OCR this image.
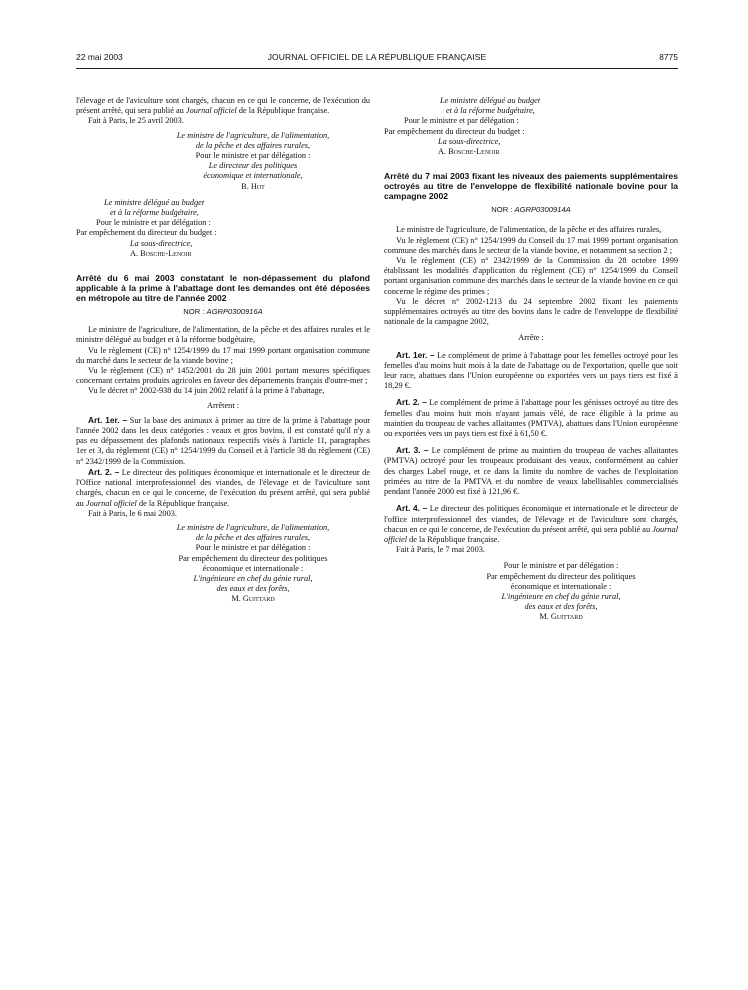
22 mai 2003	JOURNAL OFFICIEL DE LA RÉPUBLIQUE FRANÇAISE	8775

l'élevage et de l'aviculture sont chargés, chacun en ce qui le concerne, de l'exécution du présent arrêté, qui sera publié au Journal officiel de la République française.

Fait à Paris, le 25 avril 2003.

Le ministre de l'agriculture, de l'alimentation,
de la pêche et des affaires rurales,
Pour le ministre et par délégation :
Le directeur des politiques
économique et internationale,
B. Hot
Le ministre délégué au budget
et à la réforme budgétaire,
Pour le ministre et par délégation :
Par empêchement du directeur du budget :
La sous-directrice,
A. Bosche-Lenoir

Arrêté du 6 mai 2003 constatant le non-dépassement du plafond applicable à la prime à l'abattage dont les demandes ont été déposées en métropole au titre de l'année 2002

NOR : AGRP0300916A

Le ministre de l'agriculture, de l'alimentation, de la pêche et des affaires rurales et le ministre délégué au budget et à la réforme budgétaire,

Vu le règlement (CE) n° 1254/1999 du 17 mai 1999 portant organisation commune du marché dans le secteur de la viande bovine ;

Vu le règlement (CE) n° 1452/2001 du 28 juin 2001 portant mesures spécifiques concernant certains produits agricoles en faveur des départements français d'outre-mer ;

Vu le décret n° 2002-938 du 14 juin 2002 relatif à la prime à l'abattage,

Arrêtent :

Art. 1er. – Sur la base des animaux à primer au titre de la prime à l'abattage pour l'année 2002 dans les deux catégories : veaux et gros bovins, il est constaté qu'il n'y a pas eu dépassement des plafonds nationaux respectifs visés à l'article 11, paragraphes 1er et 3, du règlement (CE) n° 1254/1999 du Conseil et à l'article 38 du règlement (CE) n° 2342/1999 de la Commission.

Art. 2. – Le directeur des politiques économique et internationale et le directeur de l'Office national interprofessionnel des viandes, de l'élevage et de l'aviculture sont chargés, chacun en ce qui le concerne, de l'exécution du présent arrêté, qui sera publié au Journal officiel de la République française.

Fait à Paris, le 6 mai 2003.

Le ministre de l'agriculture, de l'alimentation,
de la pêche et des affaires rurales,
Pour le ministre et par délégation :
Par empêchement du directeur des politiques
économique et internationale :
L'ingénieure en chef du génie rural,
des eaux et des forêts,
M. Guittard
Le ministre délégué au budget
et à la réforme budgétaire,
Pour le ministre et par délégation :
Par empêchement du directeur du budget :
La sous-directrice,
A. Bosche-Lenoir

Arrêté du 7 mai 2003 fixant les niveaux des paiements supplémentaires octroyés au titre de l'enveloppe de flexibilité nationale bovine pour la campagne 2002

NOR : AGRP0300914A

Le ministre de l'agriculture, de l'alimentation, de la pêche et des affaires rurales,

Vu le règlement (CE) n° 1254/1999 du Conseil du 17 mai 1999 portant organisation commune des marchés dans le secteur de la viande bovine, et notamment sa section 2 ;

Vu le règlement (CE) n° 2342/1999 de la Commission du 28 octobre 1999 établissant les modalités d'application du règlement (CE) n° 1254/1999 du Conseil portant organisation commune des marchés dans le secteur de la viande bovine en ce qui concerne le régime des primes ;

Vu le décret n° 2002-1213 du 24 septembre 2002 fixant les paiements supplémentaires octroyés au titre des bovins dans le cadre de l'enveloppe de flexibilité nationale de la campagne 2002,

Arrête :

Art. 1er. – Le complément de prime à l'abattage pour les femelles octroyé pour les femelles d'au moins huit mois à la date de l'abattage ou de l'exportation, quelle que soit leur race, abattues dans l'Union européenne ou exportées vers un pays tiers est fixé à 18,29 €.

Art. 2. – Le complément de prime à l'abattage pour les génisses octroyé au titre des femelles d'au moins huit mois n'ayant jamais vêlé, de race éligible à la prime au maintien du troupeau de vaches allaitantes (PMTVA), abattues dans l'Union européenne ou exportées vers un pays tiers est fixé à 61,50 €.

Art. 3. – Le complément de prime au maintien du troupeau de vaches allaitantes (PMTVA) octroyé pour les troupeaux produisant des veaux, conformément au cahier des charges Label rouge, et ce dans la limite du nombre de vaches de l'exploitation primées au titre de la PMTVA et du nombre de veaux labellisables commercialisés pendant l'année 2000 est fixé à 121,96 €.

Art. 4. – Le directeur des politiques économique et internationale et le directeur de l'office interprofessionnel des viandes, de l'élevage et de l'aviculture sont chargés, chacun en ce qui le concerne, de l'exécution du présent arrêté, qui sera publié au Journal officiel de la République française.

Fait à Paris, le 7 mai 2003.

Pour le ministre et par délégation :
Par empêchement du directeur des politiques
économique et internationale :
L'ingénieure en chef du génie rural,
des eaux et des forêts,
M. Guittard
